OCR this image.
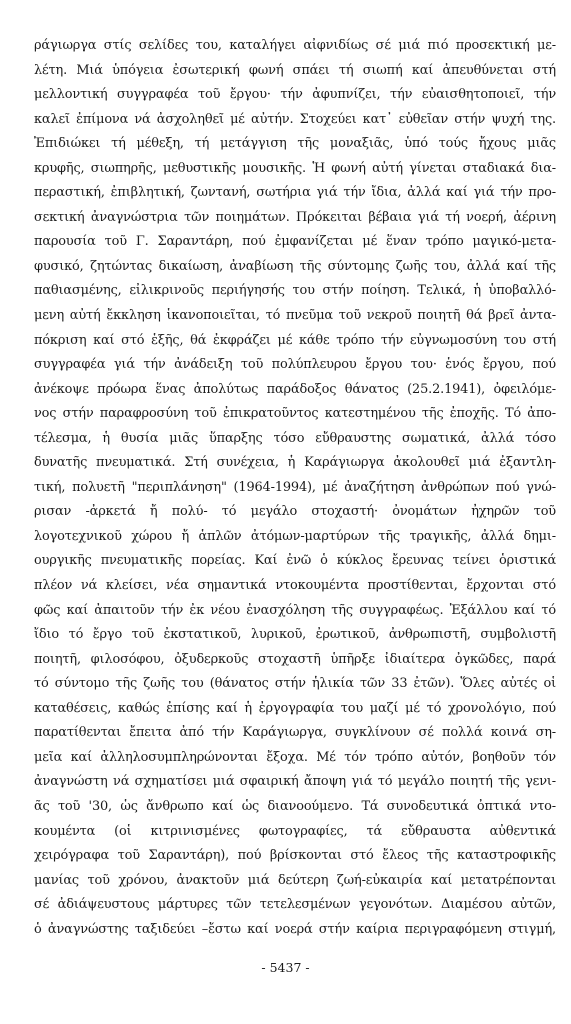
ράγιωργα στίς σελίδες του, καταλήγει αἰφνιδίως σέ μιά πιό προσεκτική με-
λέτη. Μιά ὑπόγεια ἐσωτερική φωνή σπάει τή σιωπή καί ἀπευθύνεται στή
μελλοντική συγγραφέα τοῦ ἔργου· τήν ἀφυπνίζει, τήν εὐαισθητοποιεῖ, τήν
καλεῖ ἐπίμονα νά ἀσχοληθεῖ μέ αὐτήν. Στοχεύει κατ᾽ εὐθεῖαν στήν ψυχή της.
Ἐπιδιώκει τή μέθεξη, τή μετάγγιση τῆς μοναξιᾶς, ὑπό τούς ἤχους μιᾶς
κρυφῆς, σιωπηρῆς, μεθυστικῆς μουσικῆς. Ἡ φωνή αὐτή γίνεται σταδιακά δια-
περαστική, ἐπιβλητική, ζωντανή, σωτήρια γιά τήν ἴδια, ἀλλά καί γιά τήν προ-
σεκτική ἀναγνώστρια τῶν ποιημάτων. Πρόκειται βέβαια γιά τή νοερή, ἀέρινη
παρουσία τοῦ Γ. Σαραντάρη, πού ἐμφανίζεται μέ ἕναν τρόπο μαγικό-μετα-
φυσικό, ζητώντας δικαίωση, ἀναβίωση τῆς σύντομης ζωῆς του, ἀλλά καί τῆς
παθιασμένης, εἰλικρινοῦς περιήγησής του στήν ποίηση. Τελικά, ἡ ὑποβαλλό-
μενη αὐτή ἔκκληση ἱκανοποιεῖται, τό πνεῦμα τοῦ νεκροῦ ποιητῆ θά βρεῖ ἀντα-
πόκριση καί στό ἑξῆς, θά ἐκφράζει μέ κάθε τρόπο τήν εὐγνωμοσύνη του στή
συγγραφέα γιά τήν ἀνάδειξη τοῦ πολύπλευρου ἔργου του· ἑνός ἔργου, πού
ἀνέκοψε πρόωρα ἕνας ἀπολύτως παράδοξος θάνατος (25.2.1941), ὀφειλόμε-
νος στήν παραφροσύνη τοῦ ἐπικρατοῦντος κατεστημένου τῆς ἐποχῆς. Τό ἀπο-
τέλεσμα, ἡ θυσία μιᾶς ὕπαρξης τόσο εὔθραυστης σωματικά, ἀλλά τόσο
δυνατῆς πνευματικά. Στή συνέχεια, ἡ Καράγιωργα ἀκολουθεῖ μιά ἐξαντλη-
τική, πολυετῆ "περιπλάνηση" (1964-1994), μέ ἀναζήτηση ἀνθρώπων πού γνώ-
ρισαν -ἀρκετά ἤ πολύ- τό μεγάλο στοχαστή· ὀνομάτων ἠχηρῶν τοῦ
λογοτεχνικοῦ χώρου ἤ ἁπλῶν ἀτόμων-μαρτύρων τῆς τραγικῆς, ἀλλά δημι-
ουργικῆς πνευματικῆς πορείας. Καί ἐνῶ ὁ κύκλος ἔρευνας τείνει ὁριστικά
πλέον νά κλείσει, νέα σημαντικά ντοκουμέντα προστίθενται, ἔρχονται στό
φῶς καί ἀπαιτοῦν τήν ἐκ νέου ἐνασχόληση τῆς συγγραφέως. Ἐξάλλου καί τό
ἴδιο τό ἔργο τοῦ ἐκστατικοῦ, λυρικοῦ, ἐρωτικοῦ, ἀνθρωπιστῆ, συμβολιστῆ
ποιητῆ, φιλοσόφου, ὀξυδερκοῦς στοχαστῆ ὑπῆρξε ἰδιαίτερα ὀγκῶδες, παρά
τό σύντομο τῆς ζωῆς του (θάνατος στήν ἡλικία τῶν 33 ἐτῶν). Ὅλες αὐτές οἱ
καταθέσεις, καθώς ἐπίσης καί ἡ ἐργογραφία του μαζί μέ τό χρονολόγιο, πού
παρατίθενται ἔπειτα ἀπό τήν Καράγιωργα, συγκλίνουν σέ πολλά κοινά ση-
μεῖα καί ἀλληλοσυμπληρώνονται ἔξοχα. Μέ τόν τρόπο αὐτόν, βοηθοῦν τόν
ἀναγνώστη νά σχηματίσει μιά σφαιρική ἄποψη γιά τό μεγάλο ποιητή τῆς γενι-
ᾶς τοῦ '30, ὡς ἄνθρωπο καί ὡς διανοούμενο. Τά συνοδευτικά ὀπτικά ντο-
κουμέντα (οἱ κιτρινισμένες φωτογραφίες, τά εὔθραυστα αὐθεντικά
χειρόγραφα τοῦ Σαραντάρη), πού βρίσκονται στό ἔλεος τῆς καταστροφικῆς
μανίας τοῦ χρόνου, ἀνακτοῦν μιά δεύτερη ζωή-εὐκαιρία καί μετατρέπονται
σέ ἀδιάψευστους μάρτυρες τῶν τετελεσμένων γεγονότων. Διαμέσου αὐτῶν,
ὁ ἀναγνώστης ταξιδεύει –ἔστω καί νοερά στήν καίρια περιγραφόμενη στιγμή,
- 5437 -
